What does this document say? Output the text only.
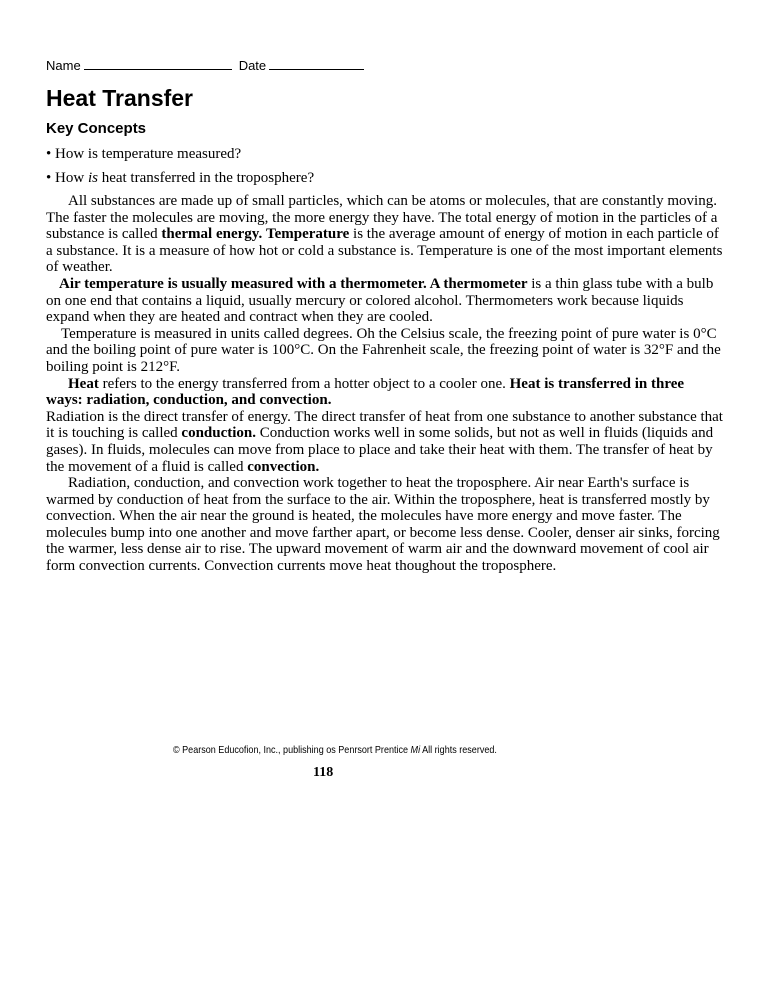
Name	Date
Heat Transfer
Key Concepts

• How is temperature measured?

• How is heat transferred in the troposphere?

All substances are made up of small particles, which can be atoms or molecules, that are constantly moving. The faster the molecules are moving, the more energy they have. The total energy of motion in the particles of a substance is called thermal energy. Temperature is the average amount of energy of motion in each particle of a substance. It is a measure of how hot or cold a substance is. Temperature is one of the most important elements of weather.

Air temperature is usually measured with a thermometer. A thermometer is a thin glass tube with a bulb on one end that contains a liquid, usually mercury or colored alcohol. Thermometers work because liquids expand when they are heated and contract when they are cooled.

Temperature is measured in units called degrees. Oh the Celsius scale, the freezing point of pure water is 0°C and the boiling point of pure water is 100°C. On the Fahrenheit scale, the freezing point of water is 32°F and the boiling point is 212°F.

Heat refers to the energy transferred from a hotter object to a cooler one. Heat is transferred in three ways: radiation, conduction, and convection.

Radiation is the direct transfer of energy. The direct transfer of heat from one substance to another substance that it is touching is called conduction. Conduction works well in some solids, but not as well in fluids (liquids and gases). In fluids, molecules can move from place to place and take their heat with them. The transfer of heat by the movement of a fluid is called convection.

Radiation, conduction, and convection work together to heat the troposphere. Air near Earth's surface is warmed by conduction of heat from the surface to the air. Within the troposphere, heat is transferred mostly by convection. When the air near the ground is heated, the molecules have more energy and move faster. The molecules bump into one another and move farther apart, or become less dense. Cooler, denser air sinks, forcing the warmer, less dense air to rise. The upward movement of warm air and the downward movement of cool air form convection currents. Convection currents move heat thoughout the troposphere.

© Pearson Educofion, Inc., publishing os Penrsort Prentice Mi All rights reserved.
118
